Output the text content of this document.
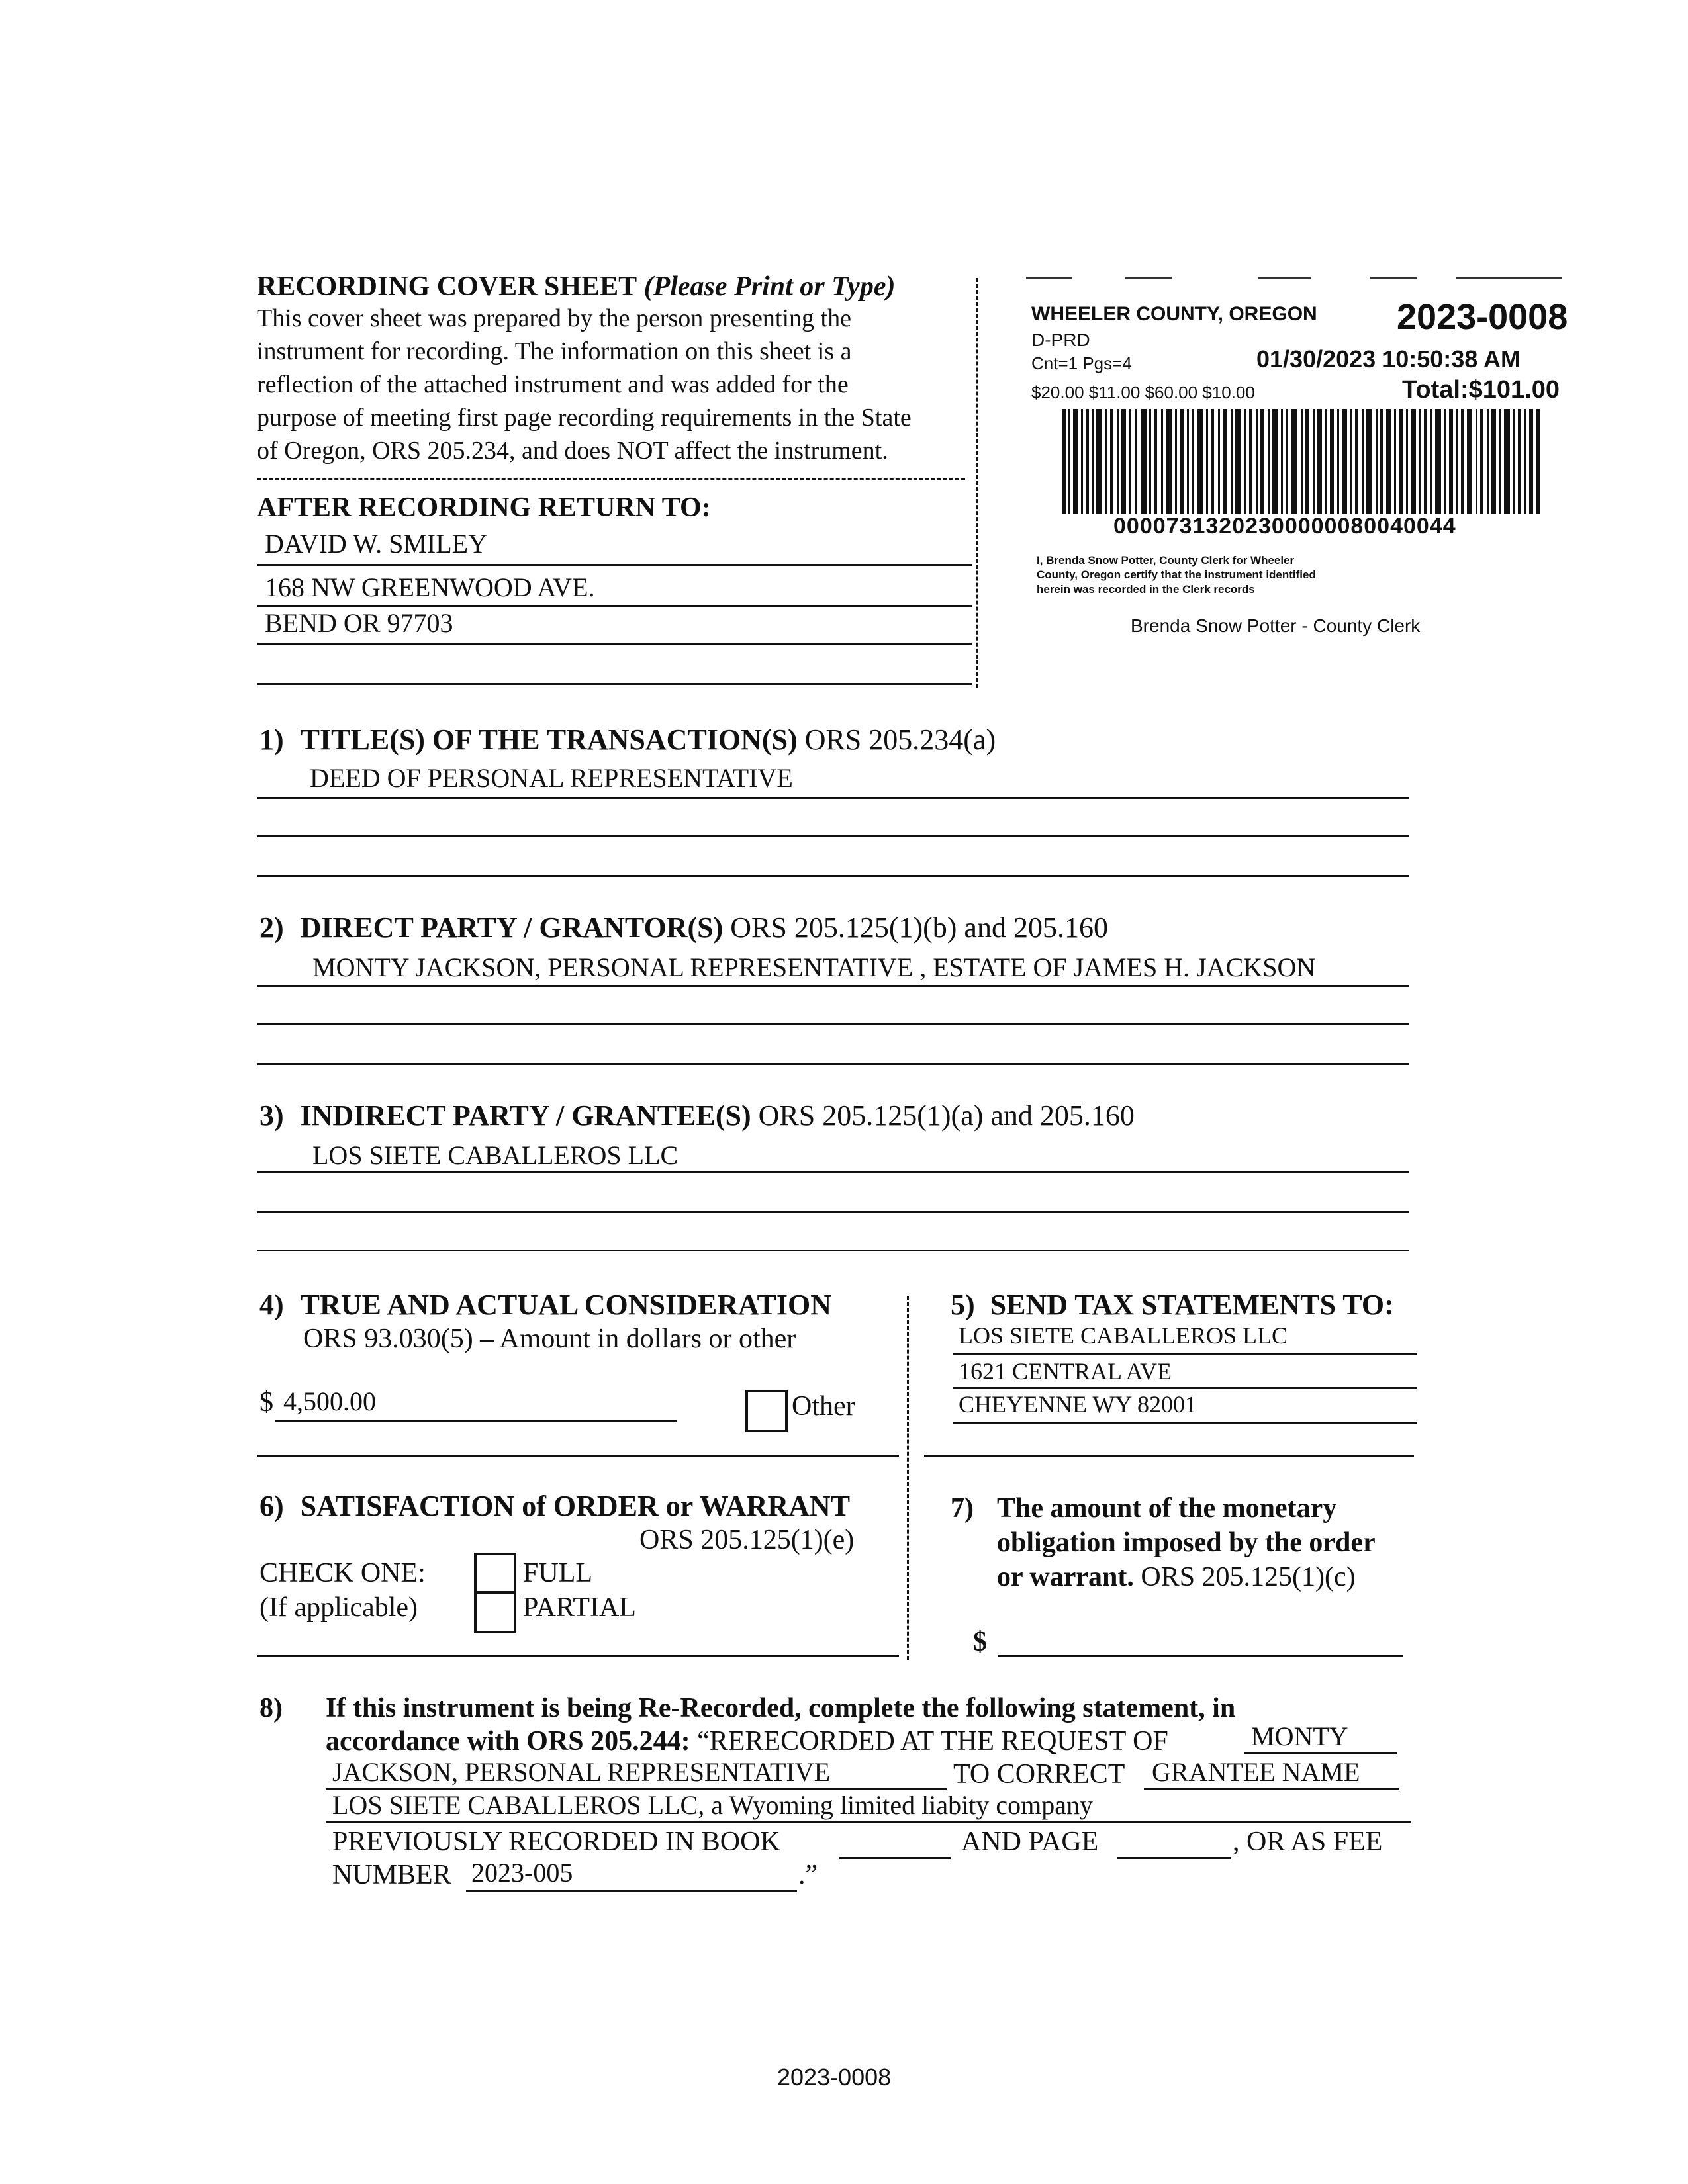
RECORDING COVER SHEET (Please Print or Type)
This cover sheet was prepared by the person presenting the
instrument for recording. The information on this sheet is a
reflection of the attached instrument and was added for the
purpose of meeting first page recording requirements in the State
of Oregon, ORS 205.234, and does NOT affect the instrument.
AFTER RECORDING RETURN TO:
DAVID W. SMILEY
168 NW GREENWOOD AVE.
BEND OR 97703
WHEELER COUNTY, OREGON 2023-0008
D-PRD
Cnt=1 Pgs=4	01/30/2023 10:50:38 AM
$20.00 $11.00 $60.00 $10.00	Total:$101.00
00007313202300000080040044
I, Brenda Snow Potter, County Clerk for Wheeler
County, Oregon certify that the instrument identified
herein was recorded in the Clerk records
Brenda Snow Potter - County Clerk
1) TITLE(S) OF THE TRANSACTION(S) ORS 205.234(a)
DEED OF PERSONAL REPRESENTATIVE
2) DIRECT PARTY / GRANTOR(S) ORS 205.125(1)(b) and 205.160
MONTY JACKSON, PERSONAL REPRESENTATIVE , ESTATE OF JAMES H. JACKSON
3) INDIRECT PARTY / GRANTEE(S) ORS 205.125(1)(a) and 205.160
LOS SIETE CABALLEROS LLC
4) TRUE AND ACTUAL CONSIDERATION
ORS 93.030(5) – Amount in dollars or other
$ 4,500.00	Other
5) SEND TAX STATEMENTS TO:
LOS SIETE CABALLEROS LLC
1621 CENTRAL AVE
CHEYENNE WY 82001
6) SATISFACTION of ORDER or WARRANT
ORS 205.125(1)(e)
CHECK ONE:
(If applicable)
FULL
PARTIAL
7) The amount of the monetary
obligation imposed by the order
or warrant. ORS 205.125(1)(c)
$
8) If this instrument is being Re-Recorded, complete the following statement, in
accordance with ORS 205.244: “RERECORDED AT THE REQUEST OF	MONTY
JACKSON, PERSONAL REPRESENTATIVE	TO CORRECT GRANTEE NAME
LOS SIETE CABALLEROS LLC, a Wyoming limited liabity company
PREVIOUSLY RECORDED IN BOOK	AND PAGE	, OR AS FEE
NUMBER 2023-005	.”
2023-0008
